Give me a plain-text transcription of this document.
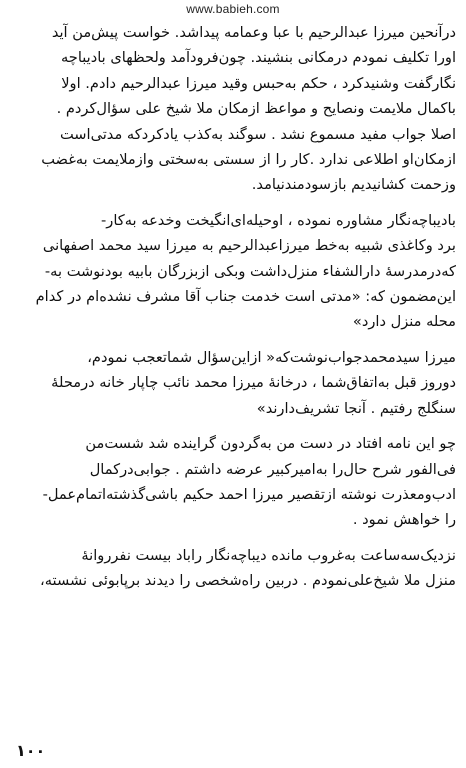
www.babieh.com
درآنحین میرزا عبدالرحیم با عبا وعمامه پیداشد. خواست پیش‌من آید
اورا تکلیف نمودم درمکانی بنشیند. چون‌فرودآمد ولحظهای بادیباچه‌
نگارگفت وشنیدکرد ، حکم به‌حبس وقید میرزا عبدالرحیم دادم. اولا
باکمال ملایمت ونصایح و مواعظ ازمکان ملا شیخ علی سؤال‌کردم .
اصلا جواب مفید مسموع نشد . سوگند به‌کذب یادکرد‌که مدتی‌است
ازمکان‌او اطلاعی ندارد .کار را از سستی به‌سختی وازملایمت به‌غضب
و‌زحمت کشانیدیم بازسودمندنیامد.
بادیباچه‌نگار مشاوره نموده ، اوحیله‌ای‌انگیخت وخدعه به‌کار-
برد وکاغذی شبیه به‌خط میرزاعبدالرحیم به میرزا سید محمد اصفهانی
که‌درمدرسهٔ دارالشفاء منزل‌داشت وبکی ازبزرگان بابیه بودنوشت به-
این‌مضمون که: «مدتی است خدمت جناب آقا مشرف نشده‌ام در کدام
محله منزل دارد»
میرزا سیدمحمدجواب‌نوشت‌که« ازاین‌سؤال شماتعجب نمودم،
دوروز قبل به‌اتفاق‌شما ، درخانهٔ میرزا محمد نائب چاپار خانه درمحلهٔ
سنگلج رفتیم . آنجا تشریف‌دارند»
چو این نامه افتاد در دست من به‌گردون گراینده شد شست‌من
فی‌الفور شرح حال‌را به‌امیرکبیر عرضه داشتم . جوابی‌درکمال
ادب‌ومعذرت نوشته ازتقصیر میرزا احمد حکیم باشی‌گذشته‌اتمام‌عمل-
را خواهش نمود .
نزدیک‌سه‌ساعت به‌غروب مانده دیباچه‌نگار راباد بیست نفرروانهٔ
منزل ملا شیخ‌علی‌نمودم . دربین راه‌شخصی را دیدند برپابوئی نشسته،
۱۰۰
